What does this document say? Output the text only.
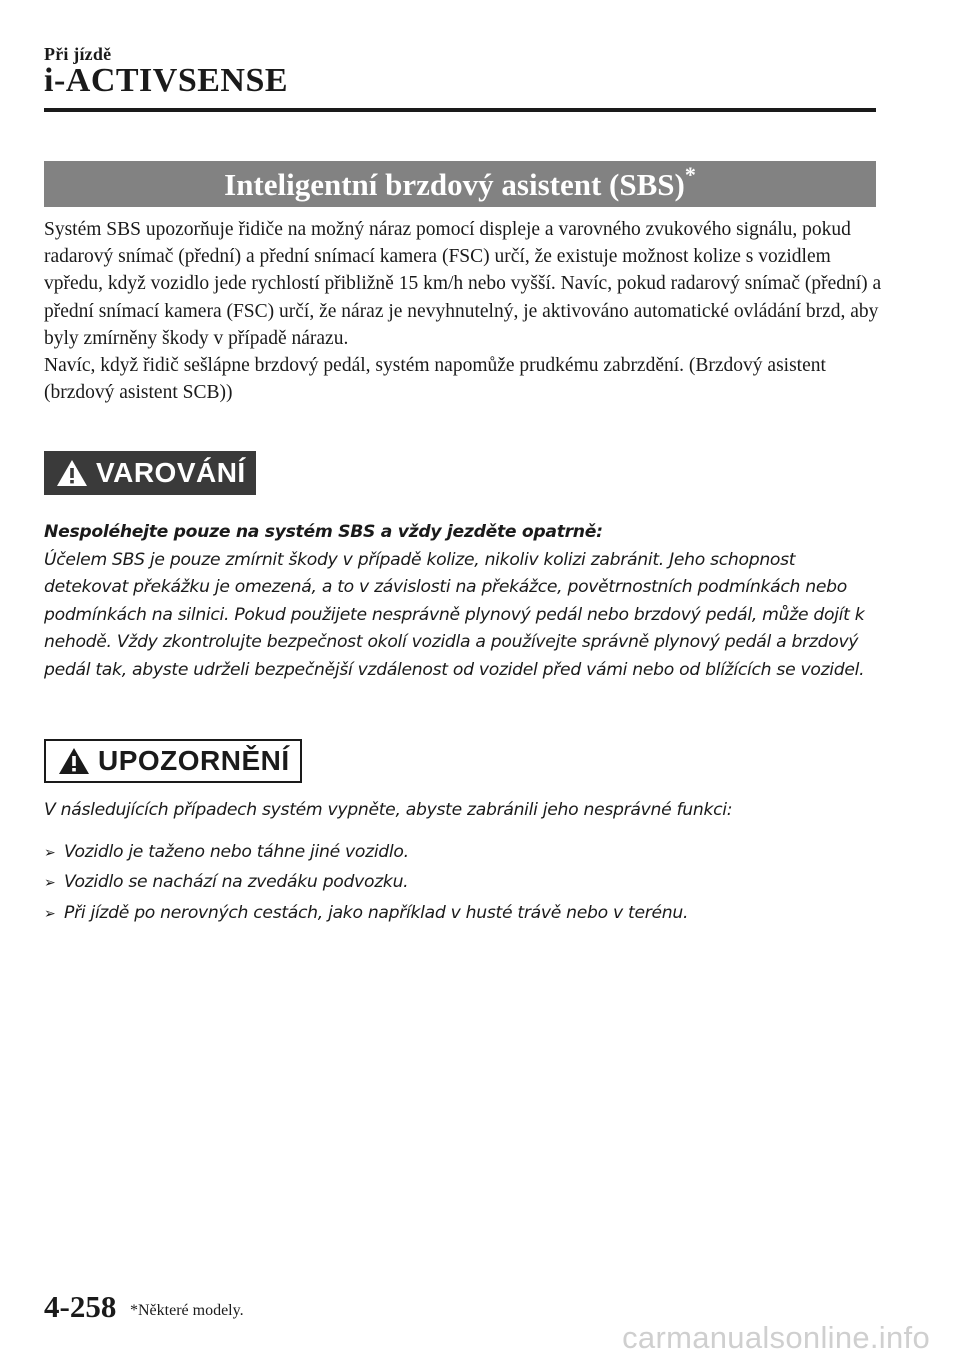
Při jízdě
i-ACTIVSENSE
Inteligentní brzdový asistent (SBS)*

Systém SBS upozorňuje řidiče na možný náraz pomocí displeje a varovného zvukového signálu, pokud radarový snímač (přední) a přední snímací kamera (FSC) určí, že existuje možnost kolize s vozidlem vpředu, když vozidlo jede rychlostí přibližně 15 km/h nebo vyšší. Navíc, pokud radarový snímač (přední) a přední snímací kamera (FSC) určí, že náraz je nevyhnutelný, je aktivováno automatické ovládání brzd, aby byly zmírněny škody v případě nárazu.

Navíc, když řidič sešlápne brzdový pedál, systém napomůže prudkému zabrzdění. (Brzdový asistent (brzdový asistent SCB))

VAROVÁNÍ

Nespoléhejte pouze na systém SBS a vždy jezděte opatrně:

Účelem SBS je pouze zmírnit škody v případě kolize, nikoliv kolizi zabránit. Jeho schopnost detekovat překážku je omezená, a to v závislosti na překážce, povětrnostních podmínkách nebo podmínkách na silnici. Pokud použijete nesprávně plynový pedál nebo brzdový pedál, může dojít k nehodě. Vždy zkontrolujte bezpečnost okolí vozidla a používejte správně plynový pedál a brzdový pedál tak, abyste udrželi bezpečnější vzdálenost od vozidel před vámi nebo od blížících se vozidel.

UPOZORNĚNÍ

V následujících případech systém vypněte, abyste zabránili jeho nesprávné funkci:

➢ Vozidlo je taženo nebo táhne jiné vozidlo.
➢ Vozidlo se nachází na zvedáku podvozku.
➢ Při jízdě po nerovných cestách, jako například v husté trávě nebo v terénu.
4-258 *Některé modely.
carmanualsonline.info
